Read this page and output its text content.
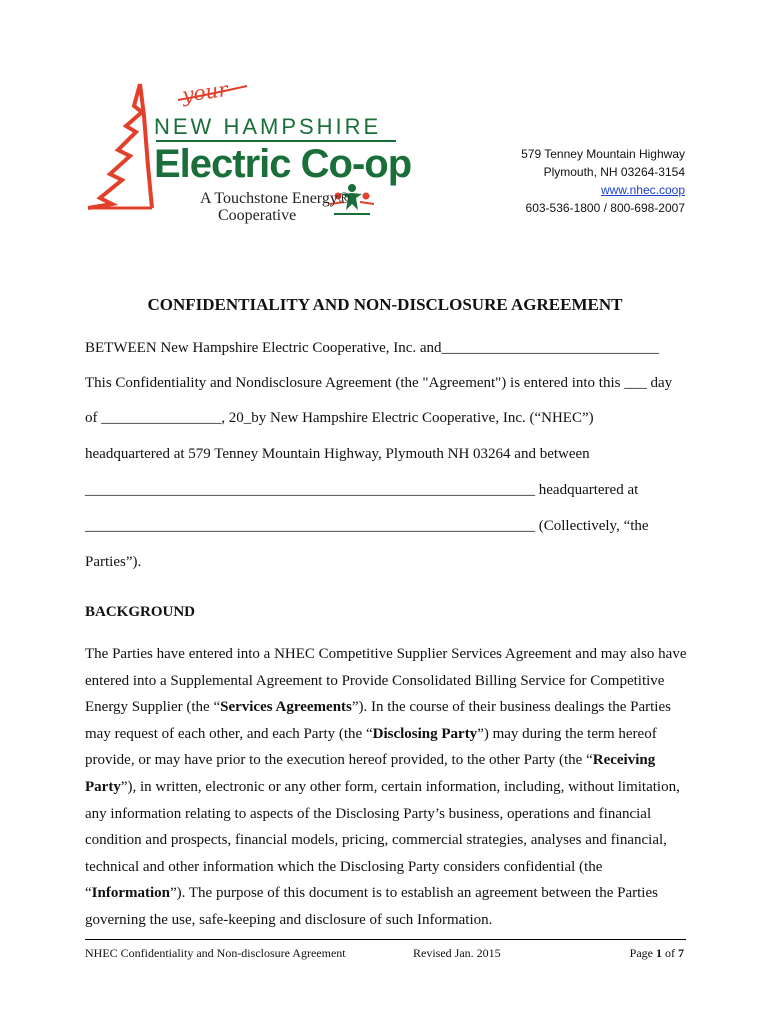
your
NEW HAMPSHIRE
Electric Co-op
A Touchstone Energy®
Cooperative
579 Tenney Mountain Highway
Plymouth, NH 03264-3154
www.nhec.coop
603-536-1800 / 800-698-2007
CONFIDENTIALITY AND NON-DISCLOSURE AGREEMENT
BETWEEN New Hampshire Electric Cooperative, Inc. and_____________________________
This Confidentiality and Nondisclosure Agreement (the "Agreement") is entered into this ___ day
of ________________, 20_by New Hampshire Electric Cooperative, Inc. (“NHEC”)
headquartered at 579 Tenney Mountain Highway, Plymouth NH 03264 and between
____________________________________________________________ headquartered at
____________________________________________________________ (Collectively, “the
Parties”).
BACKGROUND
The Parties have entered into a NHEC Competitive Supplier Services Agreement and may also have entered into a Supplemental Agreement to Provide Consolidated Billing Service for Competitive Energy Supplier (the “Services Agreements”). In the course of their business dealings the Parties may request of each other, and each Party (the “Disclosing Party”) may during the term hereof provide, or may have prior to the execution hereof provided, to the other Party (the “Receiving Party”), in written, electronic or any other form, certain information, including, without limitation, any information relating to aspects of the Disclosing Party’s business, operations and financial condition and prospects, financial models, pricing, commercial strategies, analyses and financial, technical and other information which the Disclosing Party considers confidential (the “Information”). The purpose of this document is to establish an agreement between the Parties governing the use, safe-keeping and disclosure of such Information.
NHEC Confidentiality and Non-disclosure Agreement	Revised Jan. 2015	Page 1 of 7
